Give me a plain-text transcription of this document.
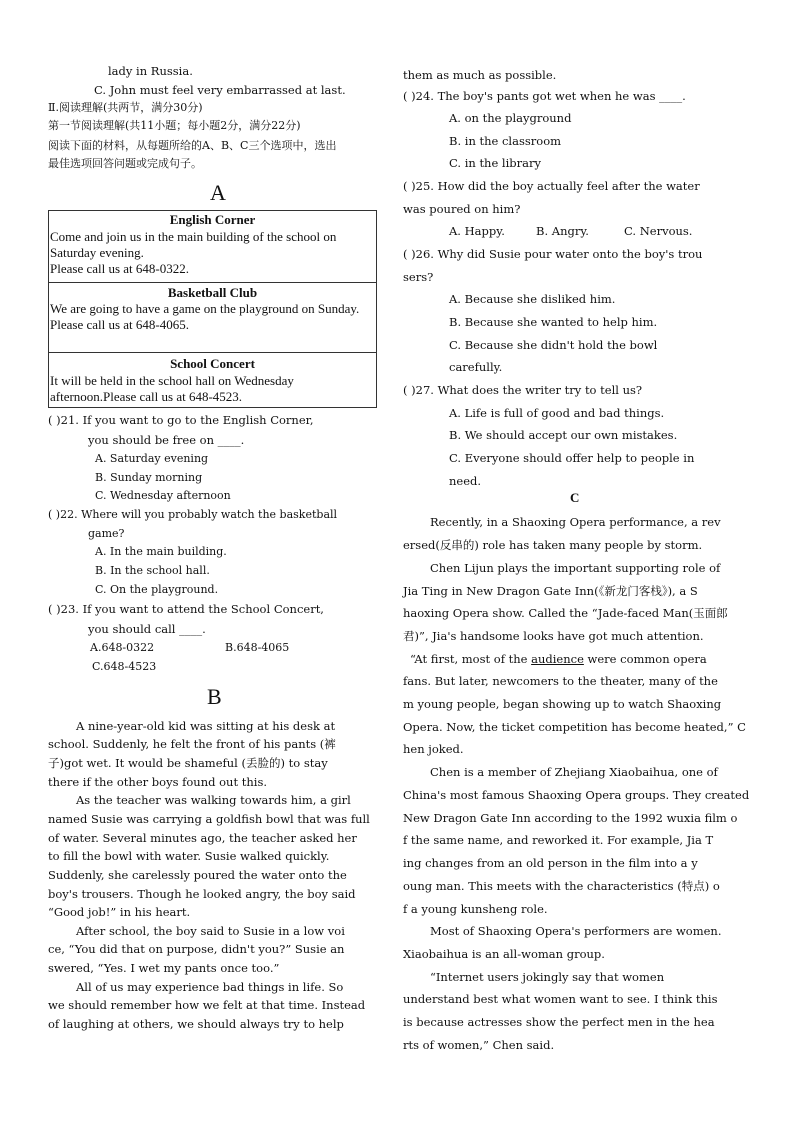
lady in Russia.
C. John must feel very embarrassed at last.
Ⅱ.阅读理解(共两节，满分30分)
第一节阅读理解(共11小题；每小题2分，满分22分)
阅读下面的材料，从每题所给的A、B、C三个选项中，选出
最佳选项回答问题或完成句子。
A
English Corner
Come and join us in the main building of the school on
Saturday evening.
Please call us at 648-0322.
Basketball Club
We are going to have a game on the playground on Sunday.
Please call us at 648-4065.
School Concert
It will be held in the school hall on Wednesday
afternoon.Please call us at 648-4523.
( )21. If you want to go to the English Corner,
you should be free on ____.
A. Saturday evening
B. Sunday morning
C. Wednesday afternoon
( )22. Where will you probably watch the basketball
game?
A. In the main building.
B. In the school hall.
C. On the playground.
( )23. If you want to attend the School Concert,
you should call ____.
A.648-0322	B.648-4065
C.648-4523
B
A nine-year-old kid was sitting at his desk at
school. Suddenly, he felt the front of his pants (裤
子)got wet. It would be shameful (丢脸的) to stay
there if the other boys found out this.
As the teacher was walking towards him, a girl
named Susie was carrying a goldfish bowl that was full
of water. Several minutes ago, the teacher asked her
to fill the bowl with water. Susie walked quickly.
Suddenly, she carelessly poured the water onto the
boy's trousers. Though he looked angry, the boy said
“Good job!” in his heart.
After school, the boy said to Susie in a low voi
ce, “You did that on purpose, didn't you?” Susie an
swered, “Yes. I wet my pants once too.”
All of us may experience bad things in life. So
we should remember how we felt at that time. Instead
of laughing at others, we should always try to help
them as much as possible.
( )24. The boy's pants got wet when he was ____.
A. on the playground
B. in the classroom
C. in the library
( )25. How did the boy actually feel after the water
was poured on him?
A. Happy.	B. Angry.	C. Nervous.
( )26. Why did Susie pour water onto the boy's trou
sers?
A. Because she disliked him.
B. Because she wanted to help him.
C. Because she didn't hold the bowl
carefully.
( )27. What does the writer try to tell us?
A. Life is full of good and bad things.
B. We should accept our own mistakes.
C. Everyone should offer help to people in
need.
C
Recently, in a Shaoxing Opera performance, a rev
ersed(反串的) role has taken many people by storm.
Chen Lijun plays the important supporting role of
Jia Ting in New Dragon Gate Inn(《新龙门客栈》), a S
haoxing Opera show. Called the “Jade-faced Man(玉面郎
君)”, Jia's handsome looks have got much attention.
“At first, most of the audience were common opera
fans. But later, newcomers to the theater, many of the
m young people, began showing up to watch Shaoxing
Opera. Now, the ticket competition has become heated,” C
hen joked.
Chen is a member of Zhejiang Xiaobaihua, one of
China's most famous Shaoxing Opera groups. They created
New Dragon Gate Inn according to the 1992 wuxia film o
f the same name, and reworked it. For example, Jia T
ing changes from an old person in the film into a y
oung man. This meets with the characteristics (特点) o
f a young kunsheng role.
Most of Shaoxing Opera's performers are women.
Xiaobaihua is an all-woman group.
“Internet users jokingly say that women
understand best what women want to see. I think this
is because actresses show the perfect men in the hea
rts of women,” Chen said.
